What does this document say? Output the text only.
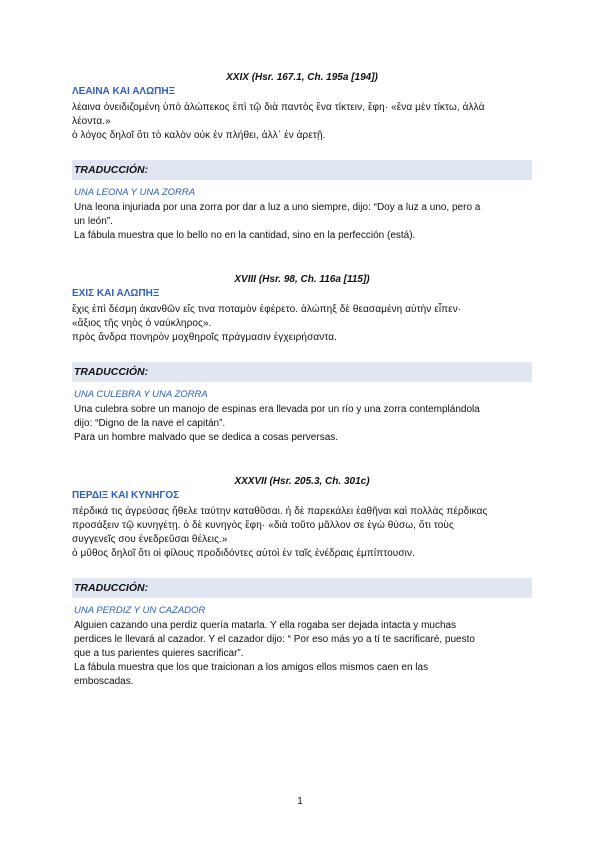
XXIX (Hsr. 167.1, Ch. 195a [194])
ΛΕΑΙΝΑ ΚΑΙ ΑΛΩΠΗΞ
λέαινα ὀνειδιζομένη ὑπὸ ἀλώπεκος ἐπὶ τῷ διὰ παντὸς ἕνα τίκτειν, ἔφη· «ἕνα μὲν τίκτω, ἀλλὰ
λέοντα.»
ὁ λόγος δηλοῖ ὅτι τὸ καλὸν οὐκ ἐν πλήθει, ἀλλ᾽ ἐν ἀρετῇ.
TRADUCCIÓN:
UNA LEONA Y UNA ZORRA
Una leona injuriada por una zorra por dar a luz a uno siempre, dijo: “Doy a luz a uno, pero a
un león”.
La fábula muestra que lo bello no en la cantidad, sino en la perfección (está).
XVIII (Hsr. 98, Ch. 116a [115])
ΕΧΙΣ ΚΑΙ ΑΛΩΠΗΞ
ἔχις ἐπὶ δέσμη ἀκανθῶν εἴς τινα ποταμὸν ἐφέρετο. ἀλώπηξ δὲ θεασαμένη αὐτὴν εἶπεν·
«ἄξιος τῆς νηὸς ὁ ναύκληρος».
πρὸς ἄνδρα πονηρὸν μοχθηροῖς πράγμασιν ἐγχειρήσαντα.
TRADUCCIÓN:
UNA CULEBRA Y UNA ZORRA
Una culebra sobre un manojo de espinas era llevada por un río y una zorra contemplándola
dijo: “Digno de la nave el capitán”.
Para un hombre malvado que se dedica a cosas perversas.
XXXVII (Hsr. 205.3, Ch. 301c)
ΠΕΡΔΙΞ ΚΑΙ ΚΥΝΗΓΟΣ
πέρδικά τις ἀγρεύσας ἤθελε ταύτην καταθῦσαι. ἡ δὲ παρεκάλει ἐαθῆναι καὶ πολλὰς πέρδικας
προσάξειν τῷ κυνηγέτῃ. ὁ δὲ κυνηγὸς ἔφη· «διὰ τοῦτο μᾶλλον σε ἐγὼ θύσω, ὅτι τοὺς
συγγενεῖς σου ἐνεδρεῦσαι θέλεις.»
ὁ μῦθος δηλοῖ ὅτι οἱ φίλους προδιδόντες αὐτοὶ ἐν ταῖς ἐνέδραις ἐμπίπτουσιν.
TRADUCCIÓN:
UNA PERDIZ Y UN CAZADOR
Alguien cazando una perdiz quería matarla. Y ella rogaba ser dejada intacta y muchas
perdices le llevará al cazador. Y el cazador dijo: “ Por eso más yo a tí te sacrificaré, puesto
que a tus parientes quieres sacrificar”.
La fábula muestra que los que traicionan a los amigos ellos mismos caen en las
emboscadas.
1
